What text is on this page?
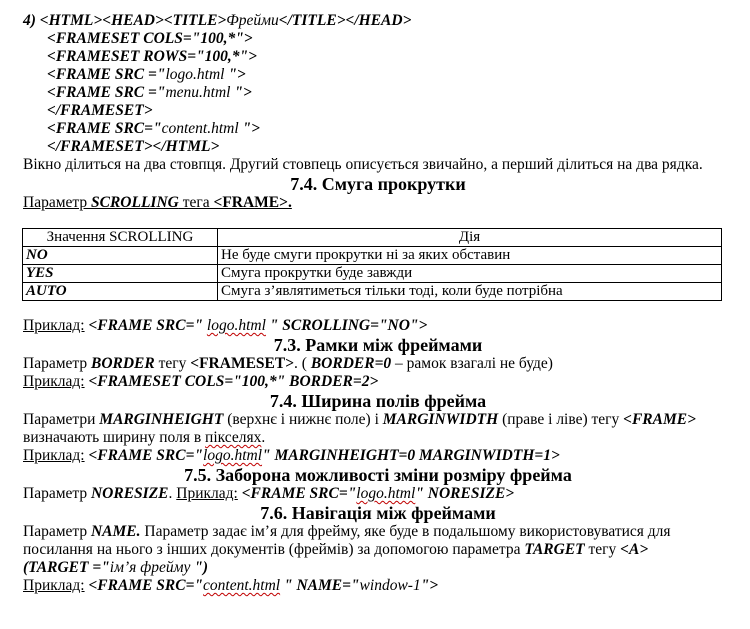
4) <HTML><HEAD><TITLE>Фрейми</TITLE></HEAD>
<FRAMESET COLS="100,*">
<FRAMESET ROWS="100,*">
<FRAME SRC ="logo.html ">
<FRAME SRC ="menu.html ">
</FRAMESET>
<FRAME SRC="content.html ">
</FRAMESET></HTML>
Вікно ділиться на два стовпця. Другий стовпець описується звичайно, а перший ділиться на два рядка.
7.4. Смуга прокрутки
Параметр SCROLLING тега <FRAME>.
Значення SCROLLING	Дія
NO	Не буде смуги прокрутки ні за яких обставин
YES	Смуга прокрутки буде завжди
AUTO	Смуга з’являтиметься тільки тоді, коли буде потрібна
Приклад: <FRAME SRC=" logo.html " SCROLLING="NO">
7.3. Рамки між фреймами
Параметр BORDER тегу <FRAMESET>. ( BORDER=0 – рамок взагалі не буде)
Приклад: <FRAMESET COLS="100,*" BORDER=2>
7.4. Ширина полів фрейма
Параметри MARGINHEIGHT (верхнє і нижнє поле) і MARGINWIDTH (праве і ліве) тегу <FRAME>
визначають ширину поля в пікселях.
Приклад: <FRAME SRC="logo.html" MARGINHEIGHT=0 MARGINWIDTH=1>
7.5. Заборона можливості зміни розміру фрейма
Параметр NORESIZE. Приклад: <FRAME SRC="logo.html" NORESIZE>
7.6. Навігація між фреймами
Параметр NAME. Параметр задає ім’я для фрейму, яке буде в подальшому використовуватися для
посилання на нього з інших документів (фреймів) за допомогою параметра TARGET тегу <A>
(TARGET ="ім’я фрейму ")
Приклад: <FRAME SRC="content.html " NAME="window-1">
